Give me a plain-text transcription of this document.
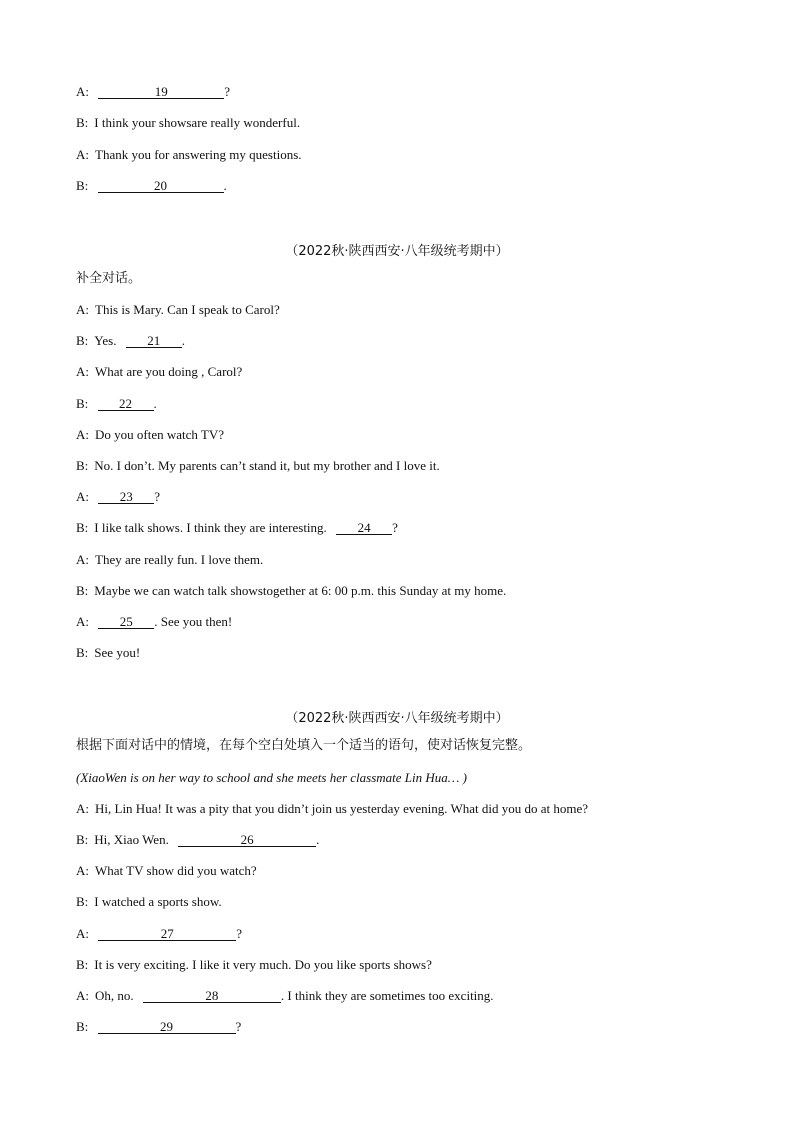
A:	19	?
B: I think your showsare really wonderful.
A: Thank you for answering my questions.
B:	20	.
（2022秋·陕西西安·八年级统考期中）
补全对话。
A: This is Mary. Can I speak to Carol?
B: Yes. 21 .
A: What are you doing , Carol?
B: 22 .
A: Do you often watch TV?
B: No. I don’t. My parents can’t stand it, but my brother and I love it.
A: 23 ?
B: I like talk shows. I think they are interesting. 24 ?
A: They are really fun. I love them.
B: Maybe we can watch talk showstogether at 6: 00 p.m. this Sunday at my home.
A: 25 . See you then!
B: See you!
（2022秋·陕西西安·八年级统考期中）
根据下面对话中的情境，在每个空白处填入一个适当的语句，使对话恢复完整。
(XiaoWen is on her way to school and she meets her classmate Lin Hua… )
A: Hi, Lin Hua! It was a pity that you didn’t join us yesterday evening. What did you do at home?
B: Hi, Xiao Wen.	26	.
A: What TV show did you watch?
B: I watched a sports show.
A:	27	?
B: It is very exciting. I like it very much. Do you like sports shows?
A: Oh, no.	28	. I think they are sometimes too exciting.
B:	29	?
